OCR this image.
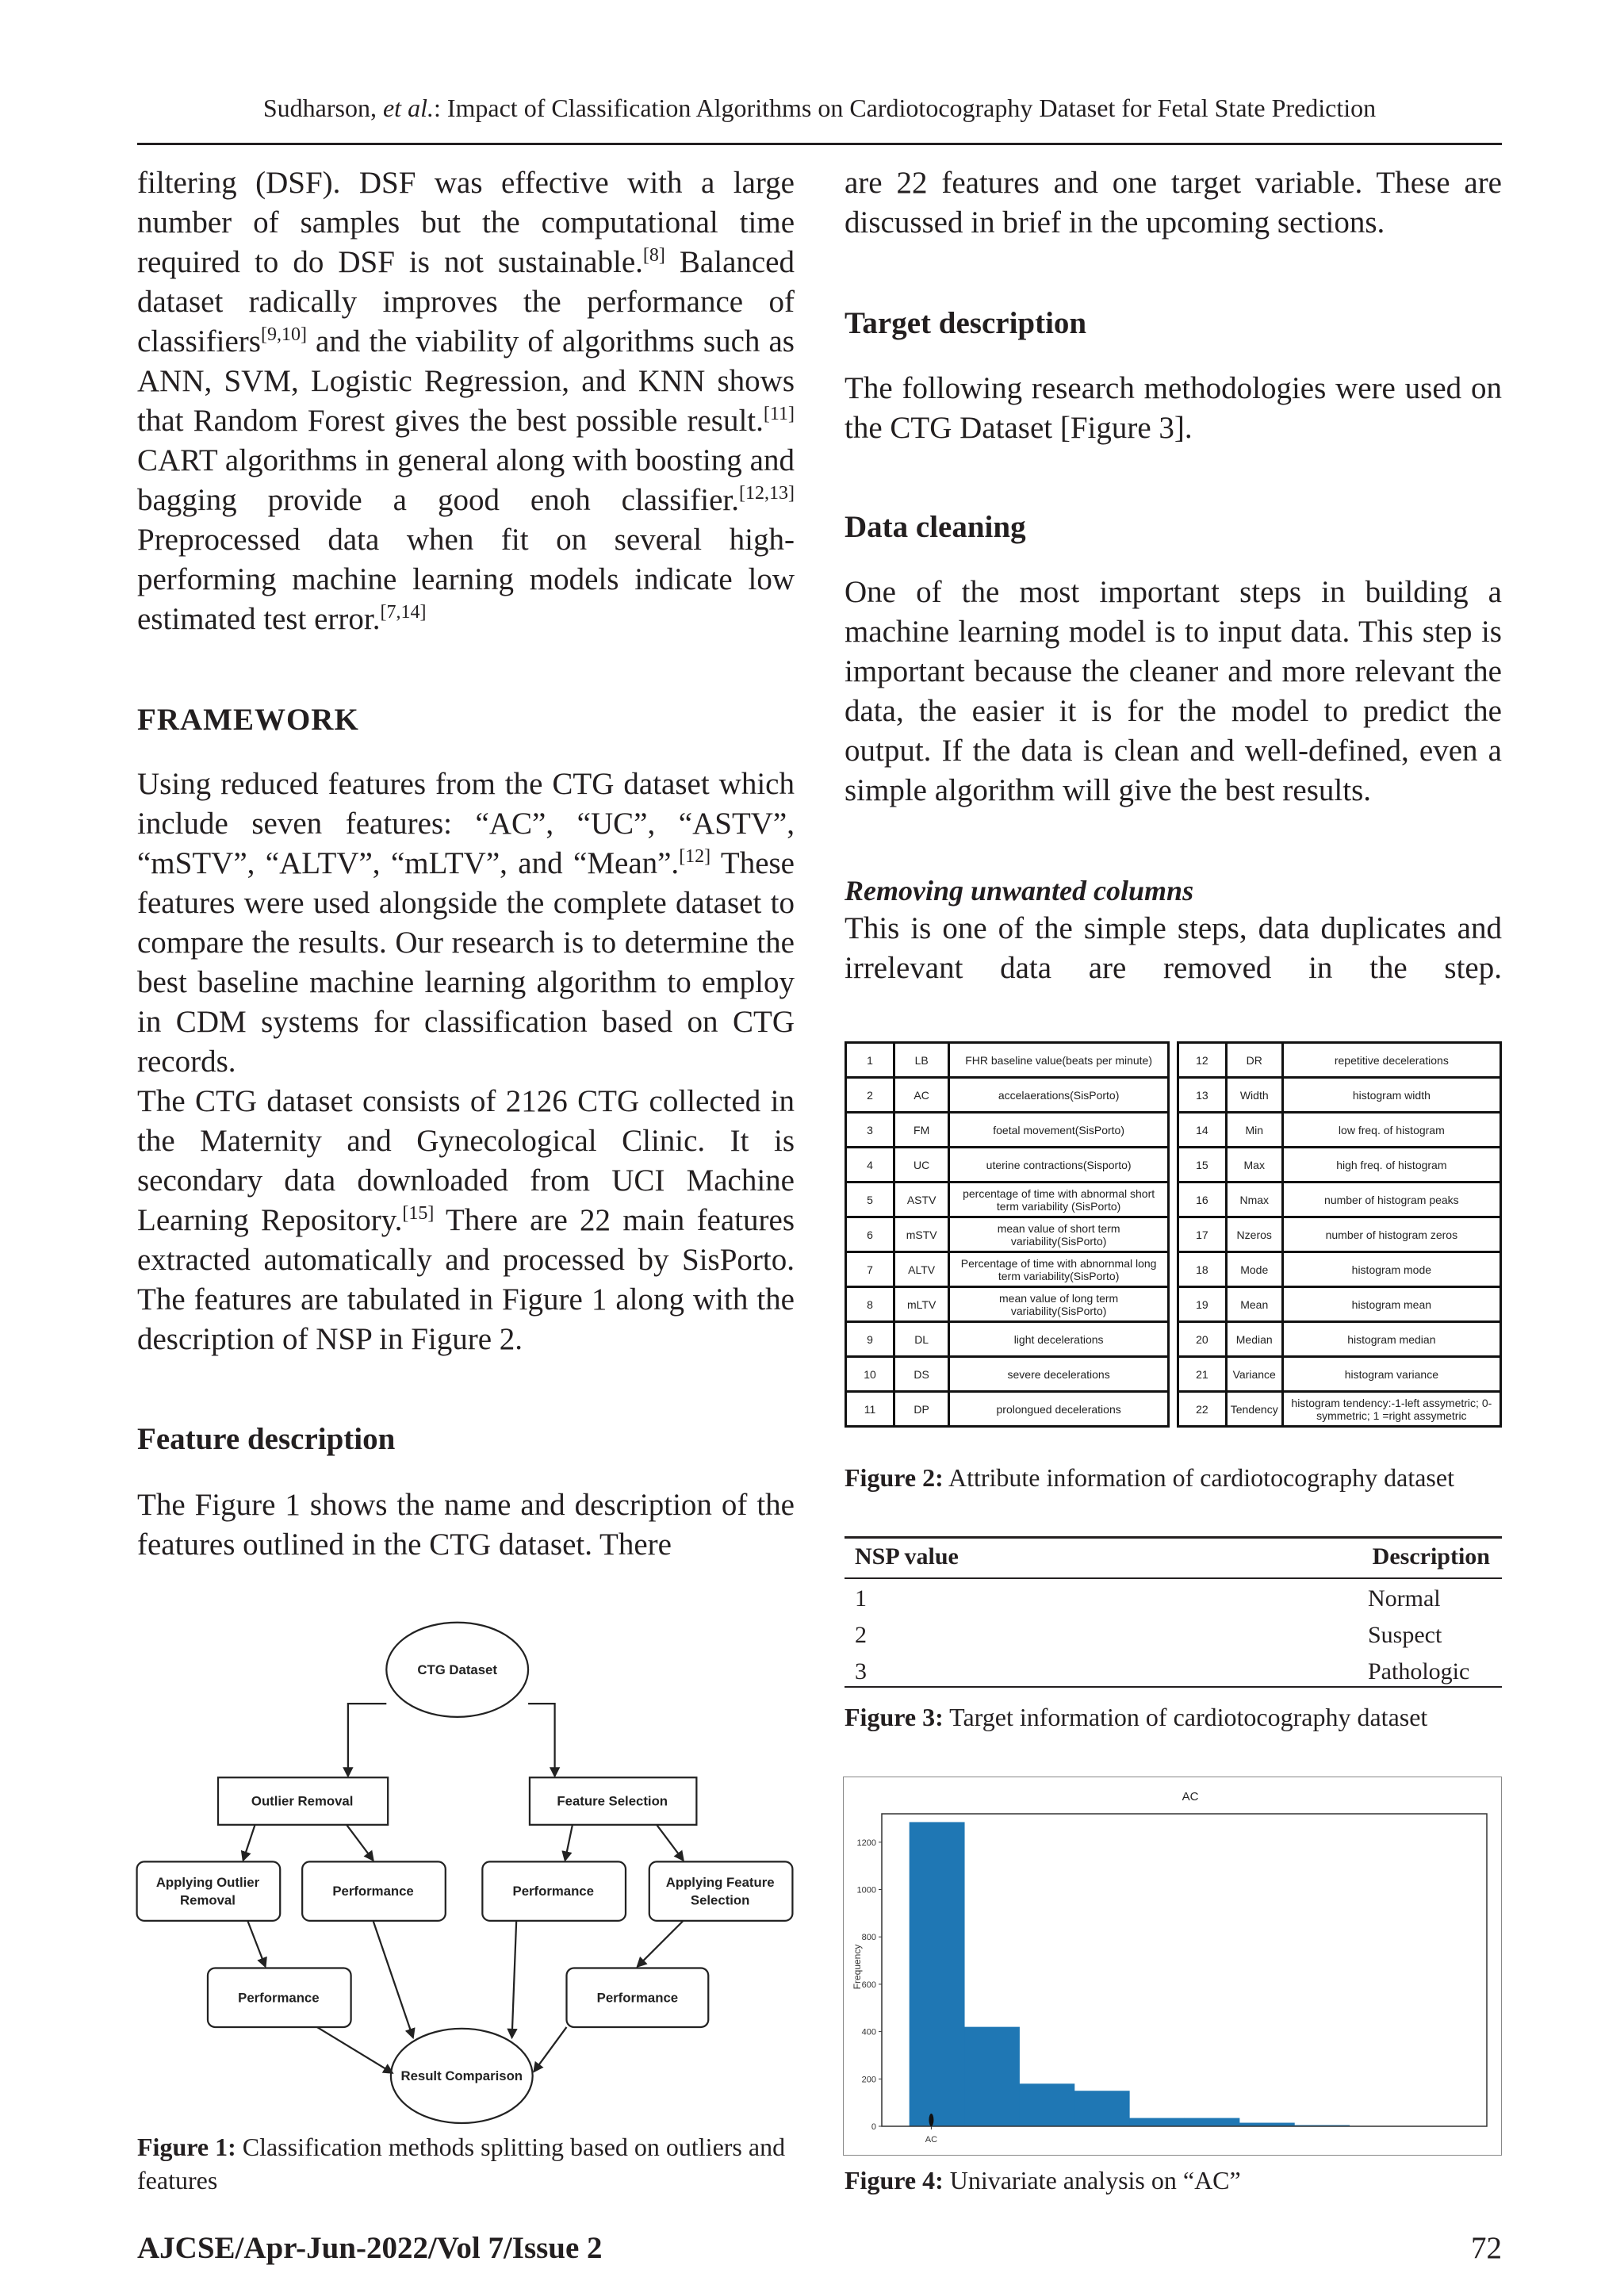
Sudharson, et al.: Impact of Classification Algorithms on Cardiotocography Dataset for Fetal State Prediction

filtering (DSF). DSF was effective with a large number of samples but the computational time required to do DSF is not sustainable.[8] Balanced dataset radically improves the performance of classifiers[9,10] and the viability of algorithms such as ANN, SVM, Logistic Regression, and KNN shows that Random Forest gives the best possible result.[11] CART algorithms in general along with boosting and bagging provide a good enoh classifier.[12,13] Preprocessed data when fit on several high-performing machine learning models indicate low estimated test error.[7,14]

FRAMEWORK

Using reduced features from the CTG dataset which include seven features: “AC”, “UC”, “ASTV”, “mSTV”, “ALTV”, “mLTV”, and “Mean”.[12] These features were used alongside the complete dataset to compare the results. Our research is to determine the best baseline machine learning algorithm to employ in CDM systems for classification based on CTG records.

The CTG dataset consists of 2126 CTG collected in the Maternity and Gynecological Clinic. It is secondary data downloaded from UCI Machine Learning Repository.[15] There are 22 main features extracted automatically and processed by SisPorto. The features are tabulated in Figure 1 along with the description of NSP in Figure 2.

Feature description

The Figure 1 shows the name and description of the features outlined in the CTG dataset. There

CTG Dataset
Outlier Removal	Feature Selection
Applying Outlier
Removal
Performance	Performance
Applying Feature
Selection
Performance	Performance
Result Comparison
Figure 1: Classification methods splitting based on outliers and features

are 22 features and one target variable. These are discussed in brief in the upcoming sections.

Target description

The following research methodologies were used on the CTG Dataset [Figure 3].

Data cleaning

One of the most important steps in building a machine learning model is to input data. This step is important because the cleaner and more relevant the data, the easier it is for the model to predict the output. If the data is clean and well-defined, even a simple algorithm will give the best results.

Removing unwanted columns

This is one of the simple steps, data duplicates and irrelevant data are removed in the step.

1	LB	FHR baseline value(beats per minute)
2	AC	accelaerations(SisPorto)
3	FM	foetal movement(SisPorto)
4	UC	uterine contractions(Sisporto)
5	ASTV	percentage of time with abnormal short term variability (SisPorto)
6	mSTV	mean value of short term variability(SisPorto)
7	ALTV	Percentage of time with abnornmal long term variability(SisPorto)
8	mLTV	mean value of long term variability(SisPorto)
9	DL	light decelerations
10	DS	severe decelerations
11	DP	prolongued decelerations
12	DR	repetitive decelerations
13	Width	histogram width
14	Min	low freq. of histogram
15	Max	high freq. of histogram
16	Nmax	number of histogram peaks
17	Nzeros	number of histogram zeros
18	Mode	histogram mode
19	Mean	histogram mean
20	Median	histogram median
21	Variance	histogram variance
22	Tendency	histogram tendency:-1-left assymetric; 0-symmetric; 1 =right assymetric
Figure 2: Attribute information of cardiotocography dataset
NSP value	Description
1	Normal
2	Suspect
3	Pathologic
Figure 3: Target information of cardiotocography dataset
AC
Frequency
0
200
400
600
800
1000
1200
AC
Figure 4: Univariate analysis on “AC”
AJCSE/Apr-Jun-2022/Vol 7/Issue 2	72
